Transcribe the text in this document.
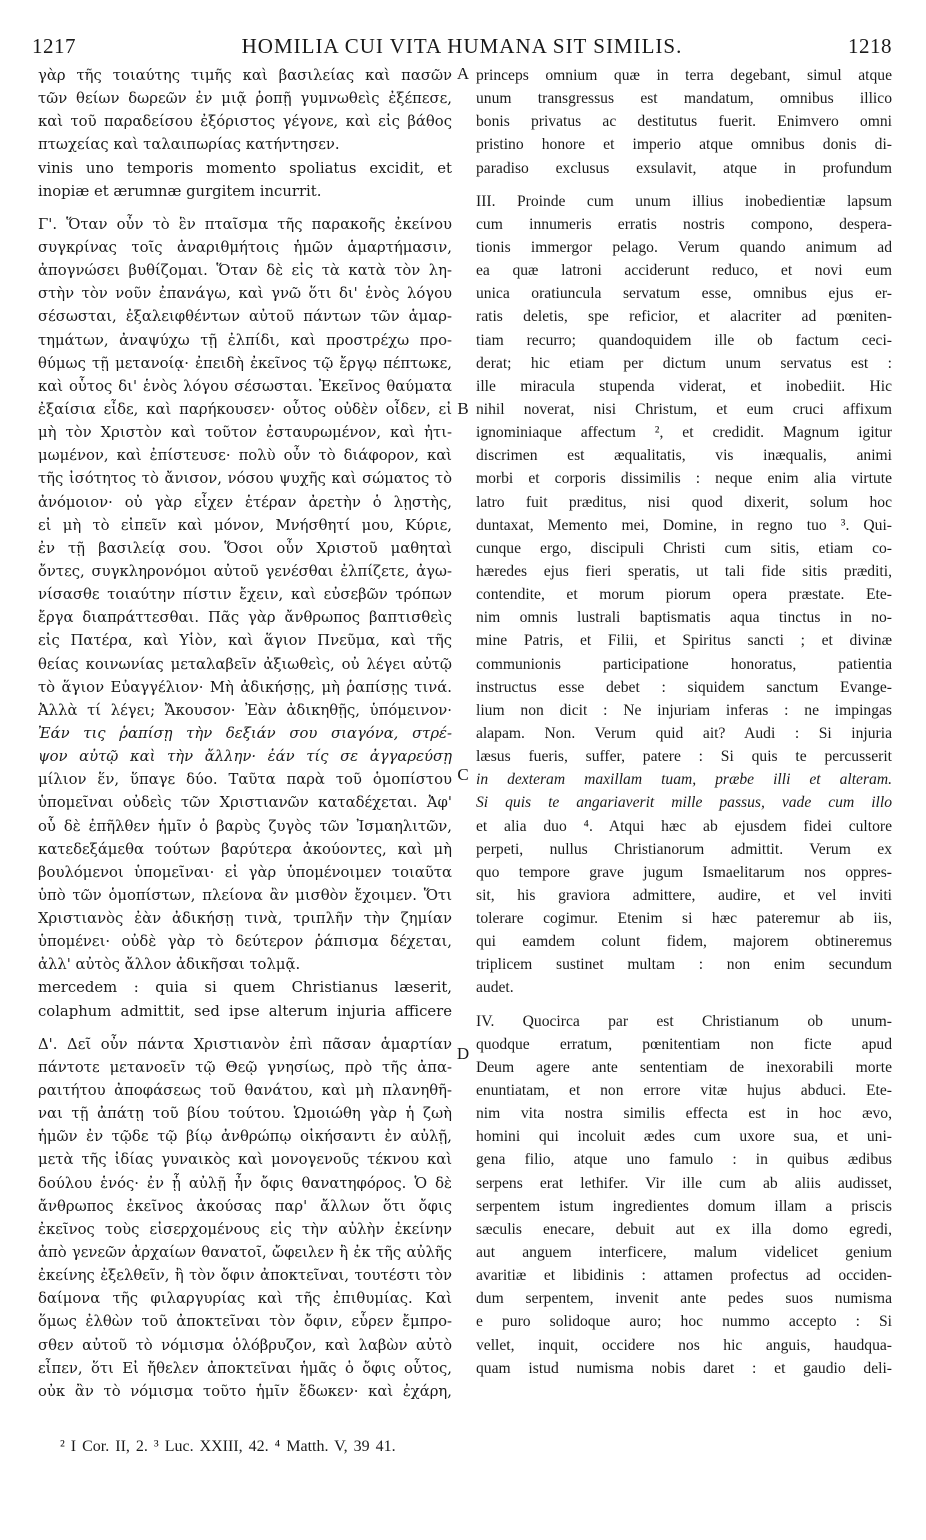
1217	HOMILIA CUI VITA HUMANA SIT SIMILIS.	1218
γὰρ τῆς τοιαύτης τιμῆς καὶ βασιλείας καὶ πασῶν
τῶν θείων δωρεῶν ἐν μιᾷ ῥοπῇ γυμνωθεὶς ἐξέπεσε,
καὶ τοῦ παραδείσου ἐξόριστος γέγονε, καὶ εἰς βάθος
πτωχείας καὶ ταλαιπωρίας κατήντησεν.
vinis uno temporis momento spoliatus excidit, et
inopiæ et ærumnæ gurgitem incurrit.
Γ'. Ὅταν οὖν τὸ ἓν πταῖσμα τῆς παρακοῆς ἐκείνου
συγκρίνας τοῖς ἀναριθμήτοις ἡμῶν ἁμαρτήμασιν,
ἀπογνώσει βυθίζομαι. Ὅταν δὲ εἰς τὰ κατὰ τὸν λη-
στὴν τὸν νοῦν ἐπανάγω, καὶ γνῶ ὅτι δι' ἑνὸς λόγου
σέσωσται, ἐξαλειφθέντων αὐτοῦ πάντων τῶν ἁμαρ-
τημάτων, ἀναψύχω τῇ ἐλπίδι, καὶ προστρέχω προ-
θύμως τῇ μετανοίᾳ· ἐπειδὴ ἐκεῖνος τῷ ἔργῳ πέπτωκε,
καὶ οὗτος δι' ἑνὸς λόγου σέσωσται. Ἐκεῖνος θαύματα
ἐξαίσια εἶδε, καὶ παρήκουσεν· οὗτος οὐδὲν οἶδεν, εἰ
μὴ τὸν Χριστὸν καὶ τοῦτον ἐσταυρωμένον, καὶ ἠτι-
μωμένον, καὶ ἐπίστευσε· πολὺ οὖν τὸ διάφορον, καὶ
τῆς ἰσότητος τὸ ἄνισον, νόσου ψυχῆς καὶ σώματος τὸ
ἀνόμοιον· οὐ γὰρ εἶχεν ἑτέραν ἀρετὴν ὁ λῃστὴς,
εἰ μὴ τὸ εἰπεῖν καὶ μόνον, Μνήσθητί μου, Κύριε,
ἐν τῇ βασιλείᾳ σου. Ὅσοι οὖν Χριστοῦ μαθηταὶ
ὄντες, συγκληρονόμοι αὐτοῦ γενέσθαι ἐλπίζετε, ἀγω-
νίσασθε τοιαύτην πίστιν ἔχειν, καὶ εὐσεβῶν τρόπων
ἔργα διαπράττεσθαι. Πᾶς γὰρ ἄνθρωπος βαπτισθεὶς
εἰς Πατέρα, καὶ Υἱὸν, καὶ ἅγιον Πνεῦμα, καὶ τῆς
θείας κοινωνίας μεταλαβεῖν ἀξιωθεὶς, οὐ λέγει αὐτῷ
τὸ ἅγιον Εὐαγγέλιον· Μὴ ἀδικήσῃς, μὴ ῥαπίσῃς τινά.
Ἀλλὰ τί λέγει; Ἄκουσον· Ἐὰν ἀδικηθῇς, ὑπόμεινον·
Ἐάν τις ῥαπίσῃ τὴν δεξιάν σου σιαγόνα, στρέ-
ψον αὐτῷ καὶ τὴν ἄλλην· ἐάν τίς σε ἀγγαρεύσῃ
μίλιον ἕν, ὕπαγε δύο. Ταῦτα παρὰ τοῦ ὁμοπίστου
ὑπομεῖναι οὐδεὶς τῶν Χριστιανῶν καταδέχεται. Ἀφ'
οὗ δὲ ἐπῆλθεν ἡμῖν ὁ βαρὺς ζυγὸς τῶν Ἰσμαηλιτῶν,
κατεδεξάμεθα τούτων βαρύτερα ἀκούοντες, καὶ μὴ
βουλόμενοι ὑπομεῖναι· εἰ γὰρ ὑπομένοιμεν τοιαῦτα
ὑπὸ τῶν ὁμοπίστων, πλείονα ἂν μισθὸν ἔχοιμεν. Ὅτι
Χριστιανὸς ἐὰν ἀδικήσῃ τινὰ, τριπλῆν τὴν ζημίαν
ὑπομένει· οὐδὲ γὰρ τὸ δεύτερον ῥάπισμα δέχεται,
ἀλλ' αὐτὸς ἄλλον ἀδικῆσαι τολμᾷ.
mercedem : quia si quem Christianus læserit,
colaphum admittit, sed ipse alterum injuria afficere
Δ'. Δεῖ οὖν πάντα Χριστιανὸν ἐπὶ πᾶσαν ἁμαρτίαν
πάντοτε μετανοεῖν τῷ Θεῷ γνησίως, πρὸ τῆς ἀπα-
ραιτήτου ἀποφάσεως τοῦ θανάτου, καὶ μὴ πλανηθῆ-
ναι τῇ ἀπάτῃ τοῦ βίου τούτου. Ὡμοιώθη γὰρ ἡ ζωὴ
ἡμῶν ἐν τῷδε τῷ βίῳ ἀνθρώπῳ οἰκήσαντι ἐν αὐλῇ,
μετὰ τῆς ἰδίας γυναικὸς καὶ μονογενοῦς τέκνου καὶ
δούλου ἑνός· ἐν ᾗ αὐλῇ ἦν ὄφις θανατηφόρος. Ὁ δὲ
ἄνθρωπος ἐκεῖνος ἀκούσας παρ' ἄλλων ὅτι ὄφις
ἐκεῖνος τοὺς εἰσερχομένους εἰς τὴν αὐλὴν ἐκείνην
ἀπὸ γενεῶν ἀρχαίων θανατοῖ, ὤφειλεν ἢ ἐκ τῆς αὐλῆς
ἐκείνης ἐξελθεῖν, ἢ τὸν ὄφιν ἀποκτεῖναι, τουτέστι τὸν
δαίμονα τῆς φιλαργυρίας καὶ τῆς ἐπιθυμίας. Καὶ
ὅμως ἐλθὼν τοῦ ἀποκτεῖναι τὸν ὄφιν, εὗρεν ἔμπρο-
σθεν αὐτοῦ τὸ νόμισμα ὁλόβρυζον, καὶ λαβὼν αὐτὸ
εἶπεν, ὅτι Εἰ ἤθελεν ἀποκτεῖναι ἡμᾶς ὁ ὄφις οὗτος,
οὐκ ἂν τὸ νόμισμα τοῦτο ἡμῖν ἔδωκεν· καὶ ἐχάρη,
princeps omnium quæ in terra degebant, simul atque
unum transgressus est mandatum, omnibus illico
bonis privatus ac destitutus fuerit. Enimvero omni
pristino honore et imperio atque omnibus donis di-
paradiso exclusus exsulavit, atque in profundum
III. Proinde cum unum illius inobedientiæ lapsum
cum innumeris erratis nostris compono, despera-
tionis immergor pelago. Verum quando animum ad
ea quæ latroni acciderunt reduco, et novi eum
unica oratiuncula servatum esse, omnibus ejus er-
ratis deletis, spe reficior, et alacriter ad pœniten-
tiam recurro; quandoquidem ille ob factum ceci-
derat; hic etiam per dictum unum servatus est :
ille miracula stupenda viderat, et inobediit. Hic
nihil noverat, nisi Christum, et eum cruci affixum
ignominiaque affectum ², et credidit. Magnum igitur
discrimen est æqualitatis, vis inæqualis, animi
morbi et corporis dissimilis : neque enim alia virtute
latro fuit præditus, nisi quod dixerit, solum hoc
duntaxat, Memento mei, Domine, in regno tuo ³. Qui-
cunque ergo, discipuli Christi cum sitis, etiam co-
hæredes ejus fieri speratis, ut tali fide sitis præditi,
contendite, et morum piorum opera præstate. Ete-
nim omnis lustrali baptismatis aqua tinctus in no-
mine Patris, et Filii, et Spiritus sancti ; et divinæ
communionis participatione honoratus, patientia
instructus esse debet : siquidem sanctum Evange-
lium non dicit : Ne injuriam inferas : ne impingas
alapam. Non. Verum quid ait? Audi : Si injuria
læsus fueris, suffer, patere : Si quis te percusserit
in dexteram maxillam tuam, præbe illi et alteram.
Si quis te angariaverit mille passus, vade cum illo
et alia duo ⁴. Atqui hæc ab ejusdem fidei cultore
perpeti, nullus Christianorum admittit. Verum ex
quo tempore grave jugum Ismaelitarum nos oppres-
sit, his graviora admittere, audire, et vel inviti
tolerare cogimur. Etenim si hæc pateremur ab iis,
qui eamdem colunt fidem, majorem obtineremus
triplicem sustinet multam : non enim secundum
audet.
IV. Quocirca par est Christianum ob unum-
quodque erratum, pœnitentiam non ficte apud
Deum agere ante sententiam de inexorabili morte
enuntiatam, et non errore vitæ hujus abduci. Ete-
nim vita nostra similis effecta est in hoc ævo,
homini qui incoluit ædes cum uxore sua, et uni-
gena filio, atque uno famulo : in quibus ædibus
serpens erat lethifer. Vir ille cum ab aliis audisset,
serpentem istum ingredientes domum illam a priscis
sæculis enecare, debuit aut ex illa domo egredi,
aut anguem interficere, malum videlicet genium
avaritiæ et libidinis : attamen profectus ad occiden-
dum serpentem, invenit ante pedes suos numisma
e puro solidoque auro; hoc nummo accepto : Si
vellet, inquit, occidere nos hic anguis, haudqua-
quam istud numisma nobis daret : et gaudio deli-
A
B
C
D
² I Cor. II, 2. ³ Luc. XXIII, 42. ⁴ Matth. V, 39 41.
